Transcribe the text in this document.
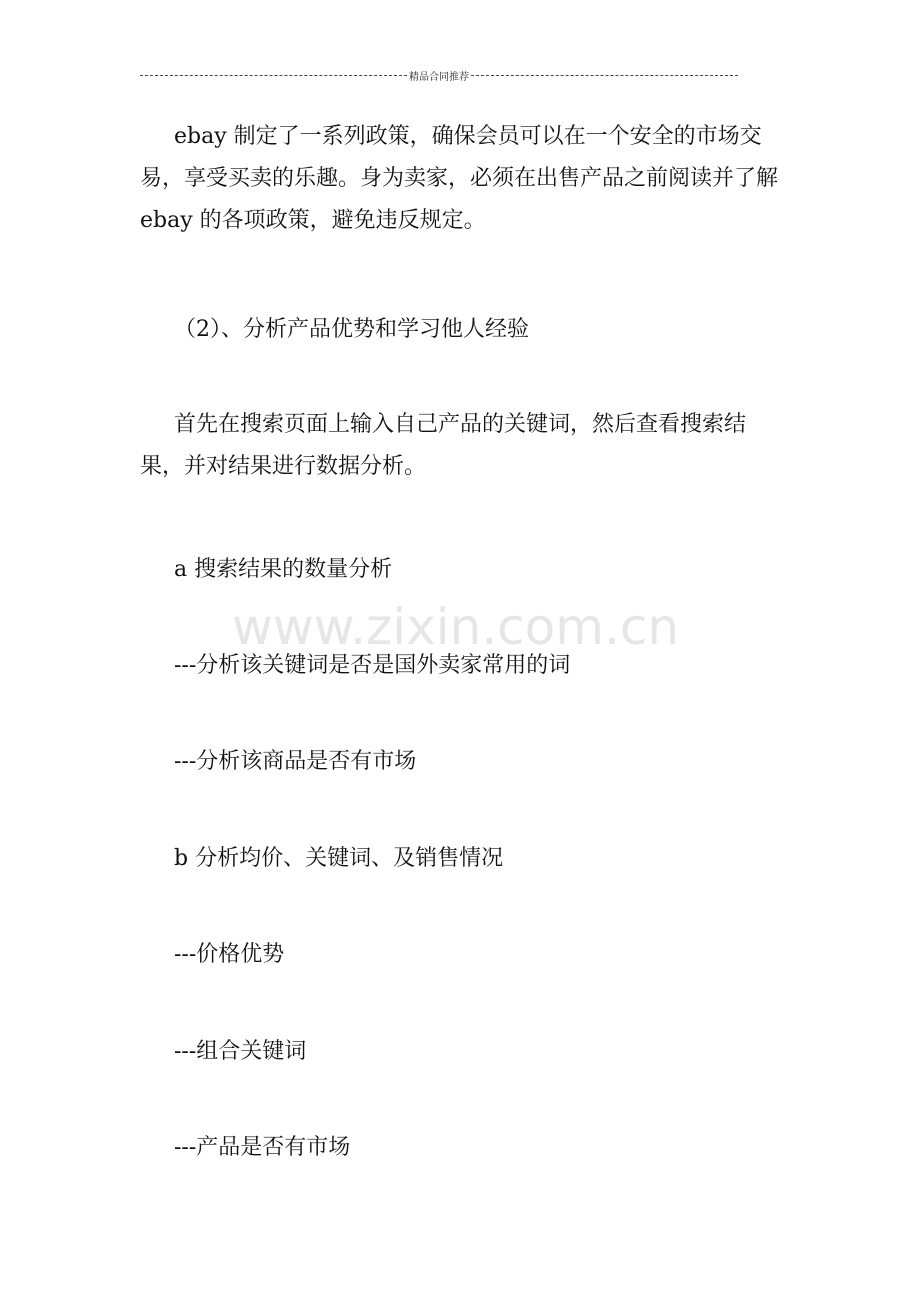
精品合同推荐
www.zixin.com.cn

ebay 制定了一系列政策，确保会员可以在一个安全的市场交易，享受买卖的乐趣。身为卖家，必须在出售产品之前阅读并了解 ebay 的各项政策，避免违反规定。

（2）、分析产品优势和学习他人经验

首先在搜索页面上输入自己产品的关键词，然后查看搜索结果，并对结果进行数据分析。

a 搜索结果的数量分析

---分析该关键词是否是国外卖家常用的词

---分析该商品是否有市场

b 分析均价、关键词、及销售情况

---价格优势

---组合关键词

---产品是否有市场
